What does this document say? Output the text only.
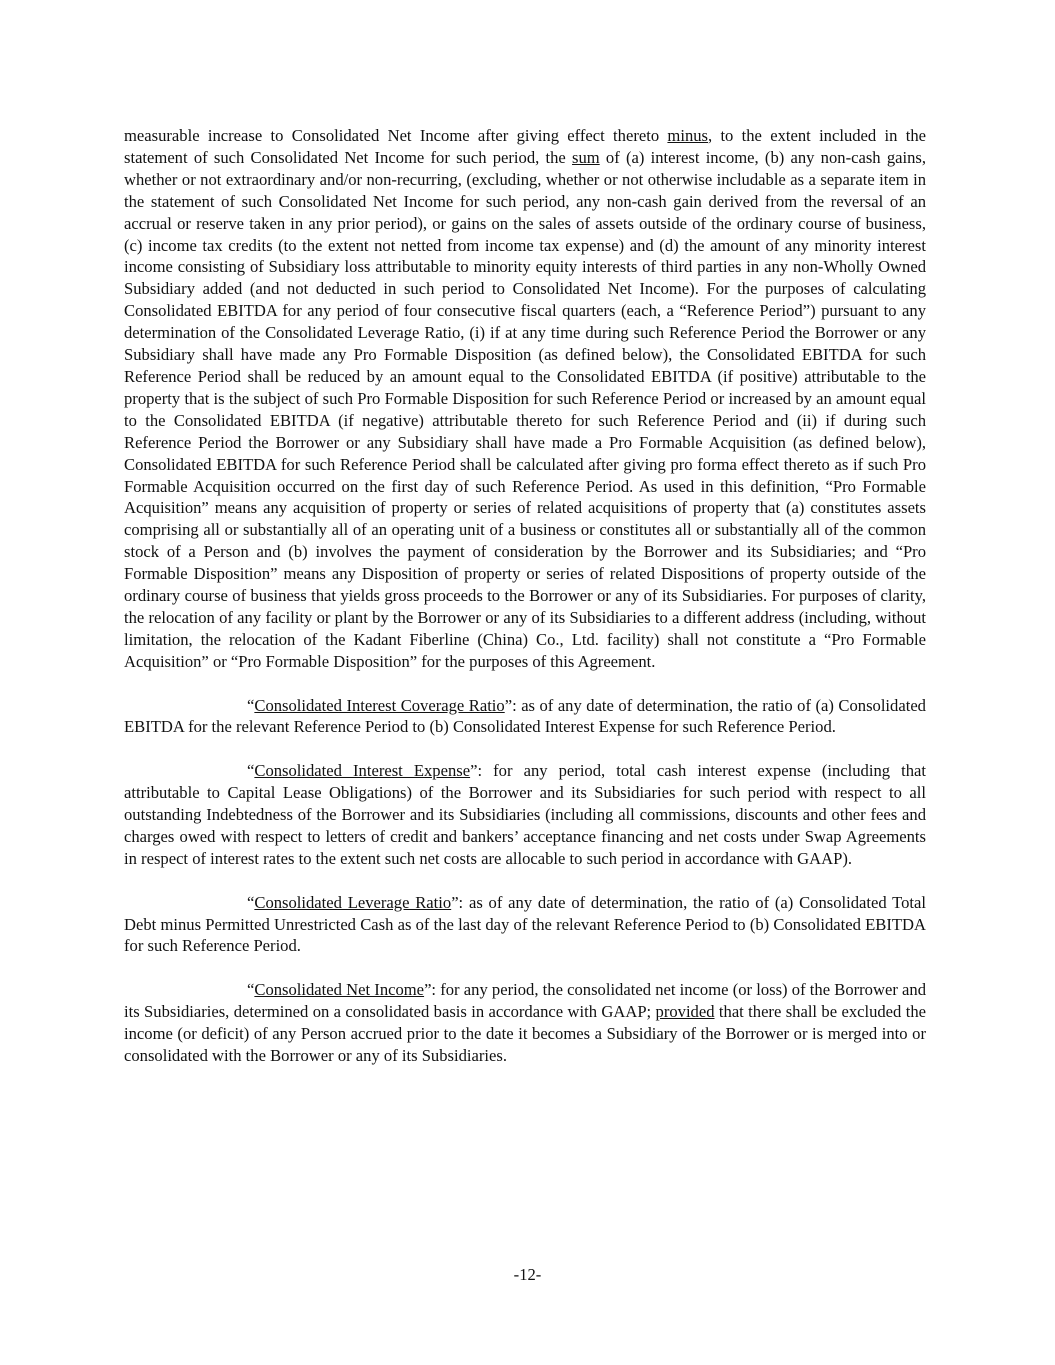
measurable increase to Consolidated Net Income after giving effect thereto minus, to the extent included in the statement of such Consolidated Net Income for such period, the sum of (a) interest income, (b) any non-cash gains, whether or not extraordinary and/or non-recurring, (excluding, whether or not otherwise includable as a separate item in the statement of such Consolidated Net Income for such period, any non-cash gain derived from the reversal of an accrual or reserve taken in any prior period), or gains on the sales of assets outside of the ordinary course of business, (c) income tax credits (to the extent not netted from income tax expense) and (d) the amount of any minority interest income consisting of Subsidiary loss attributable to minority equity interests of third parties in any non-Wholly Owned Subsidiary added (and not deducted in such period to Consolidated Net Income). For the purposes of calculating Consolidated EBITDA for any period of four consecutive fiscal quarters (each, a “Reference Period”) pursuant to any determination of the Consolidated Leverage Ratio, (i) if at any time during such Reference Period the Borrower or any Subsidiary shall have made any Pro Formable Disposition (as defined below), the Consolidated EBITDA for such Reference Period shall be reduced by an amount equal to the Consolidated EBITDA (if positive) attributable to the property that is the subject of such Pro Formable Disposition for such Reference Period or increased by an amount equal to the Consolidated EBITDA (if negative) attributable thereto for such Reference Period and (ii) if during such Reference Period the Borrower or any Subsidiary shall have made a Pro Formable Acquisition (as defined below), Consolidated EBITDA for such Reference Period shall be calculated after giving pro forma effect thereto as if such Pro Formable Acquisition occurred on the first day of such Reference Period. As used in this definition, “Pro Formable Acquisition” means any acquisition of property or series of related acquisitions of property that (a) constitutes assets comprising all or substantially all of an operating unit of a business or constitutes all or substantially all of the common stock of a Person and (b) involves the payment of consideration by the Borrower and its Subsidiaries; and “Pro Formable Disposition” means any Disposition of property or series of related Dispositions of property outside of the ordinary course of business that yields gross proceeds to the Borrower or any of its Subsidiaries. For purposes of clarity, the relocation of any facility or plant by the Borrower or any of its Subsidiaries to a different address (including, without limitation, the relocation of the Kadant Fiberline (China) Co., Ltd. facility) shall not constitute a “Pro Formable Acquisition” or “Pro Formable Disposition” for the purposes of this Agreement.

“Consolidated Interest Coverage Ratio”: as of any date of determination, the ratio of (a) Consolidated EBITDA for the relevant Reference Period to (b) Consolidated Interest Expense for such Reference Period.

“Consolidated Interest Expense”: for any period, total cash interest expense (including that attributable to Capital Lease Obligations) of the Borrower and its Subsidiaries for such period with respect to all outstanding Indebtedness of the Borrower and its Subsidiaries (including all commissions, discounts and other fees and charges owed with respect to letters of credit and bankers’ acceptance financing and net costs under Swap Agreements in respect of interest rates to the extent such net costs are allocable to such period in accordance with GAAP).

“Consolidated Leverage Ratio”: as of any date of determination, the ratio of (a) Consolidated Total Debt minus Permitted Unrestricted Cash as of the last day of the relevant Reference Period to (b) Consolidated EBITDA for such Reference Period.

“Consolidated Net Income”: for any period, the consolidated net income (or loss) of the Borrower and its Subsidiaries, determined on a consolidated basis in accordance with GAAP; provided that there shall be excluded the income (or deficit) of any Person accrued prior to the date it becomes a Subsidiary of the Borrower or is merged into or consolidated with the Borrower or any of its Subsidiaries.

-12-
